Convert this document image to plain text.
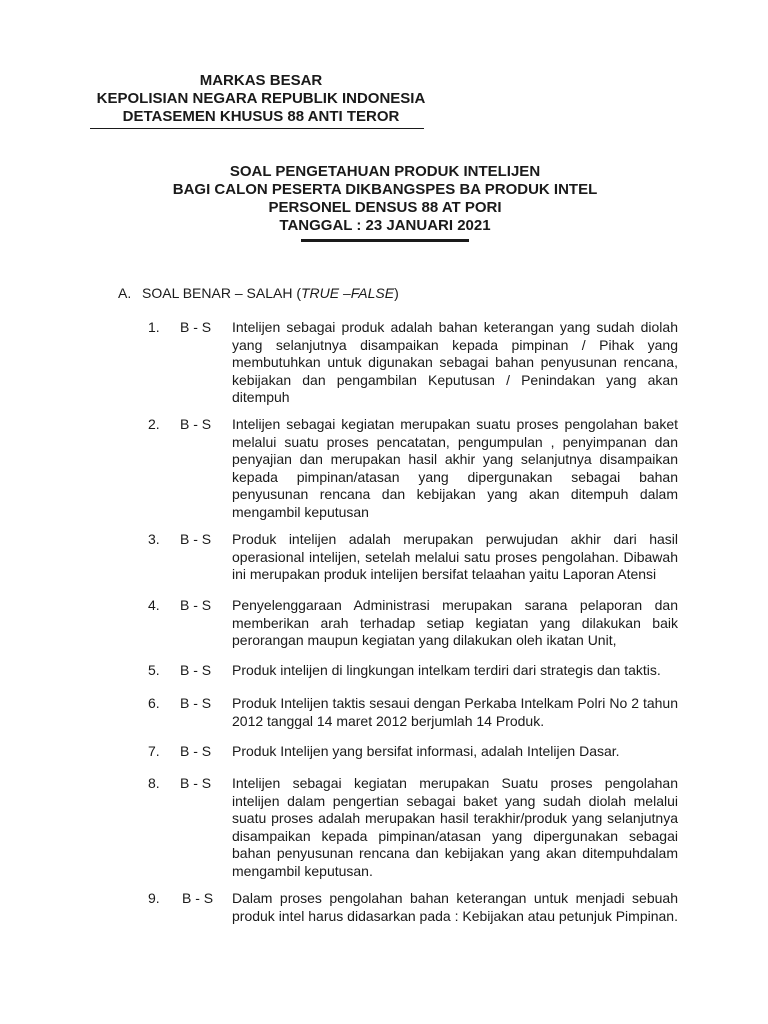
MARKAS BESAR
KEPOLISIAN NEGARA REPUBLIK INDONESIA
DETASEMEN KHUSUS 88 ANTI TEROR
SOAL PENGETAHUAN PRODUK INTELIJEN
BAGI CALON PESERTA DIKBANGSPES BA PRODUK INTEL
PERSONEL DENSUS 88 AT PORI
TANGGAL : 23 JANUARI 2021
A. SOAL BENAR – SALAH (TRUE –FALSE)
1. B - S Intelijen sebagai produk adalah bahan keterangan yang sudah diolah yang selanjutnya disampaikan kepada pimpinan / Pihak yang membutuhkan untuk digunakan sebagai bahan penyusunan rencana, kebijakan dan pengambilan Keputusan / Penindakan yang akan ditempuh
2. B - S Intelijen sebagai kegiatan merupakan suatu proses pengolahan baket melalui suatu proses pencatatan, pengumpulan , penyimpanan dan penyajian dan merupakan hasil akhir yang selanjutnya disampaikan kepada pimpinan/atasan yang dipergunakan sebagai bahan penyusunan rencana dan kebijakan yang akan ditempuh dalam mengambil keputusan
3. B - S Produk intelijen adalah merupakan perwujudan akhir dari hasil operasional intelijen, setelah melalui satu proses pengolahan. Dibawah ini merupakan produk intelijen bersifat telaahan yaitu Laporan Atensi
4. B - S Penyelenggaraan Administrasi merupakan sarana pelaporan dan memberikan arah terhadap setiap kegiatan yang dilakukan baik perorangan maupun kegiatan yang dilakukan oleh ikatan Unit,
5. B - S Produk intelijen di lingkungan intelkam terdiri dari strategis dan taktis.
6. B - S Produk Intelijen taktis sesaui dengan Perkaba Intelkam Polri No 2 tahun 2012 tanggal 14 maret 2012 berjumlah 14 Produk.
7. B - S Produk Intelijen yang bersifat informasi, adalah Intelijen Dasar.
8. B - S Intelijen sebagai kegiatan merupakan Suatu proses pengolahan intelijen dalam pengertian sebagai baket yang sudah diolah melalui suatu proses adalah merupakan hasil terakhir/produk yang selanjutnya disampaikan kepada pimpinan/atasan yang dipergunakan sebagai bahan penyusunan rencana dan kebijakan yang akan ditempuhdalam mengambil keputusan.
9. B - S Dalam proses pengolahan bahan keterangan untuk menjadi sebuah produk intel harus didasarkan pada : Kebijakan atau petunjuk Pimpinan.
